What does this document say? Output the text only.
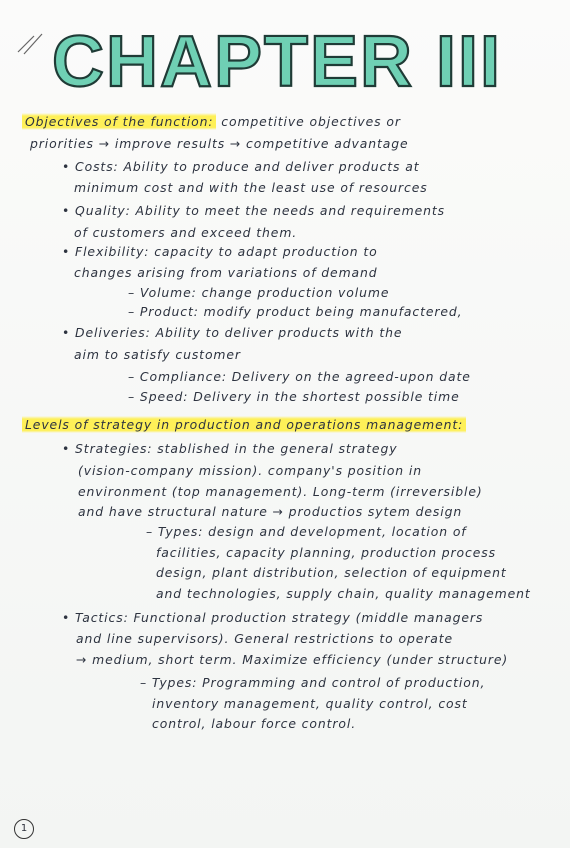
CHAPTER III
Objectives of the function: competitive objectives or
priorities → improve results → competitive advantage
• Costs: Ability to produce and deliver products at
minimum cost and with the least use of resources
• Quality: Ability to meet the needs and requirements
of customers and exceed them.
• Flexibility: capacity to adapt production to
changes arising from variations of demand
– Volume: change production volume
– Product: modify product being manufactered,
• Deliveries: Ability to deliver products with the
aim to satisfy customer
– Compliance: Delivery on the agreed-upon date
– Speed: Delivery in the shortest possible time
Levels of strategy in production and operations management:
• Strategies: stablished in the general strategy
(vision-company mission). company's position in
environment (top management). Long-term (irreversible)
and have structural nature → productios sytem design
– Types: design and development, location of
facilities, capacity planning, production process
design, plant distribution, selection of equipment
and technologies, supply chain, quality management
• Tactics: Functional production strategy (middle managers
and line supervisors). General restrictions to operate
→ medium, short term. Maximize efficiency (under structure)
– Types: Programming and control of production,
inventory management, quality control, cost
control, labour force control.
1
